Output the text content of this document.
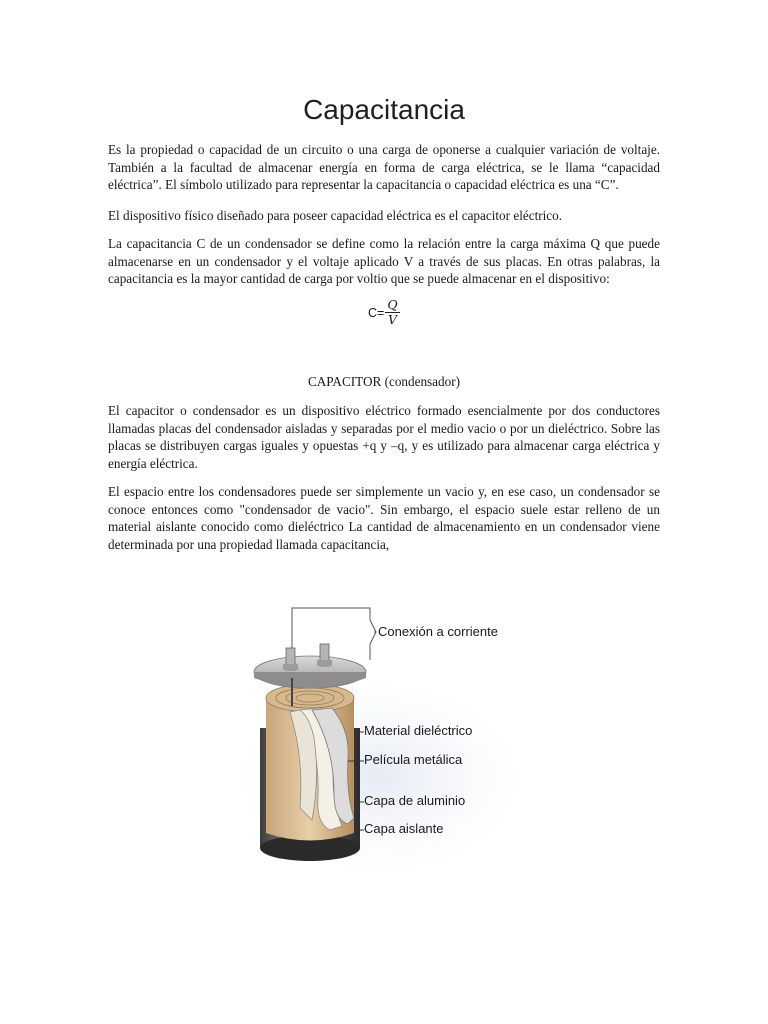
Capacitancia

Es la propiedad o capacidad de un circuito o una carga de oponerse a cualquier variación de voltaje. También a la facultad de almacenar energía en forma de carga eléctrica, se le llama “capacidad eléctrica”. El símbolo utilizado para representar la capacitancia o capacidad eléctrica es una “C”.

El dispositivo físico diseñado para poseer capacidad eléctrica es el capacitor eléctrico.

La capacitancia C de un condensador se define como la relación entre la carga máxima Q que puede almacenarse en un condensador y el voltaje aplicado V a través de sus placas. En otras palabras, la capacitancia es la mayor cantidad de carga por voltio que se puede almacenar en el dispositivo:

$C= \frac{Q}{V}$

CAPACITOR (condensador)

El capacitor o condensador es un dispositivo eléctrico formado esencialmente por dos conductores llamadas placas del condensador aisladas y separadas por el medio vacio o por un dieléctrico. Sobre las placas se distribuyen cargas iguales y opuestas +q y –q, y es utilizado para almacenar carga eléctrica y energía eléctrica.

El espacio entre los condensadores puede ser simplemente un vacio y, en ese caso, un condensador se conoce entonces como "condensador de vacio". Sin embargo, el espacio suele estar relleno de un material aislante conocido como dieléctrico La cantidad de almacenamiento en un condensador viene determinada por una propiedad llamada capacitancia,

Conexión a corriente
Material dieléctrico
Película metálica
Capa de aluminio
Capa aislante
